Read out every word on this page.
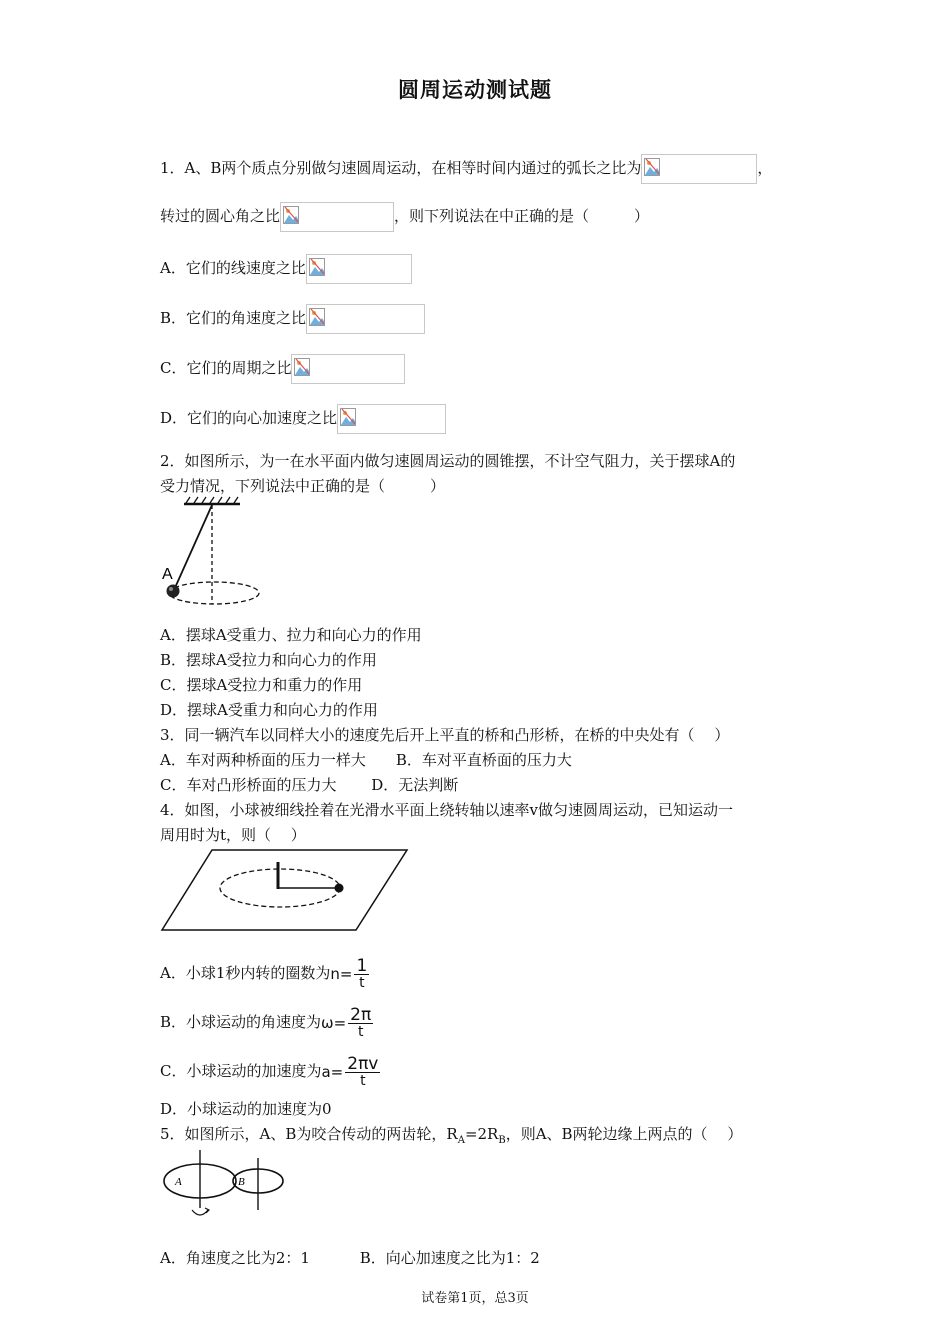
圆周运动测试题
1．A、B两个质点分别做匀速圆周运动，在相等时间内通过的弧长之比为	，
转过的圆心角之比	，则下列说法在中正确的是（　　　）
A．它们的线速度之比
B．它们的角速度之比
C．它们的周期之比
D．它们的向心加速度之比
2．如图所示，为一在水平面内做匀速圆周运动的圆锥摆，不计空气阻力，关于摆球A的
受力情况，下列说法中正确的是（　　　）
A
A．摆球A受重力、拉力和向心力的作用
B．摆球A受拉力和向心力的作用
C．摆球A受拉力和重力的作用
D．摆球A受重力和向心力的作用
3．同一辆汽车以同样大小的速度先后开上平直的桥和凸形桥，在桥的中央处有（　 ）
A．车对两种桥面的压力一样大　　B．车对平直桥面的压力大
C．车对凸形桥面的压力大　　 D．无法判断
4．如图，小球被细线拴着在光滑水平面上绕转轴以速率v做匀速圆周运动，已知运动一
周用时为t，则（　 ）
A．小球1秒内转的圈数为$n= \frac{1}{t}$
B．小球运动的角速度为$\omega= \frac{2\pi}{t}$
C．小球运动的加速度为$a= \frac{2\pi v}{t}$
D．小球运动的加速度为0
5．如图所示，A、B为咬合传动的两齿轮，$R_A=2R_B$，则A、B两轮边缘上两点的（　 ）
A	B
A．角速度之比为2：1　　　 B．向心加速度之比为1：2
试卷第1页，总3页
